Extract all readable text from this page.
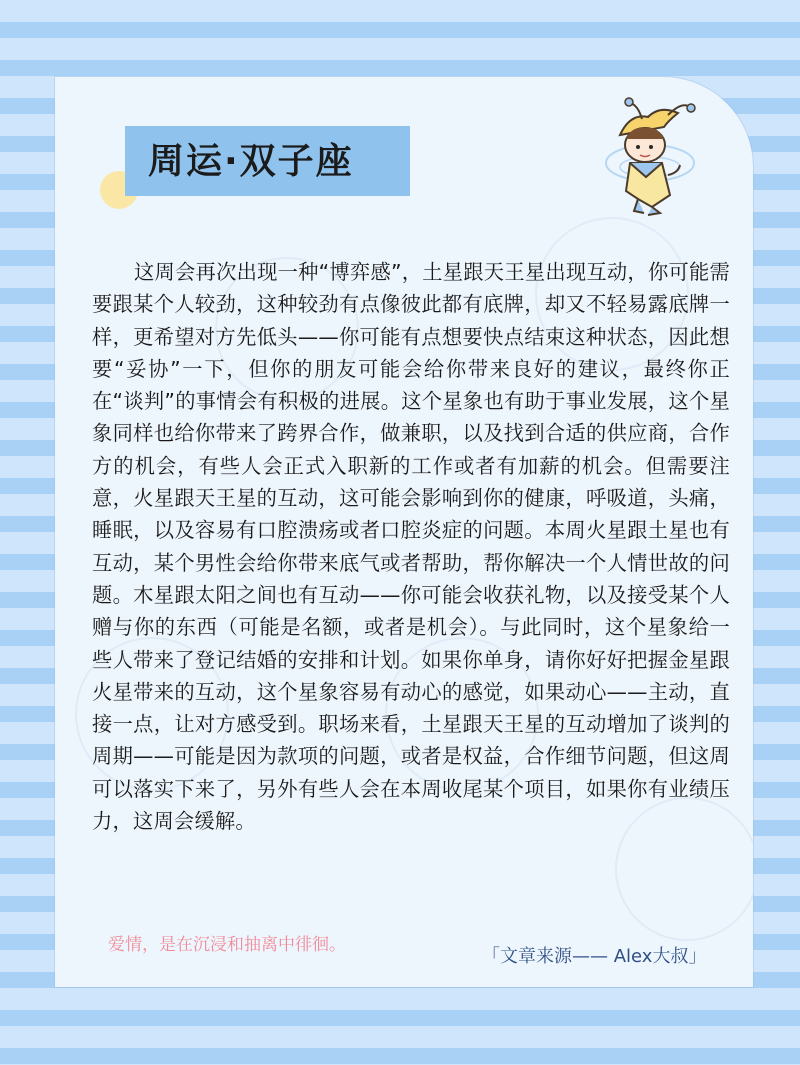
周运·双子座
这周会再次出现一种“博弈感”，土星跟天王星出现互动，你可能需要跟某个人较劲，这种较劲有点像彼此都有底牌，却又不轻易露底牌一样，更希望对方先低头——你可能有点想要快点结束这种状态，因此想要“妥协”一下，但你的朋友可能会给你带来良好的建议，最终你正在“谈判”的事情会有积极的进展。这个星象也有助于事业发展，这个星象同样也给你带来了跨界合作，做兼职，以及找到合适的供应商，合作方的机会，有些人会正式入职新的工作或者有加薪的机会。但需要注意，火星跟天王星的互动，这可能会影响到你的健康，呼吸道，头痛，睡眠，以及容易有口腔溃疡或者口腔炎症的问题。本周火星跟土星也有互动，某个男性会给你带来底气或者帮助，帮你解决一个人情世故的问题。木星跟太阳之间也有互动——你可能会收获礼物，以及接受某个人赠与你的东西（可能是名额，或者是机会）。与此同时，这个星象给一些人带来了登记结婚的安排和计划。如果你单身，请你好好把握金星跟火星带来的互动，这个星象容易有动心的感觉，如果动心——主动，直接一点，让对方感受到。职场来看，土星跟天王星的互动增加了谈判的周期——可能是因为款项的问题，或者是权益，合作细节问题，但这周可以落实下来了，另外有些人会在本周收尾某个项目，如果你有业绩压力，这周会缓解。
爱情，是在沉浸和抽离中徘徊。
「文章来源—— Alex大叔」
